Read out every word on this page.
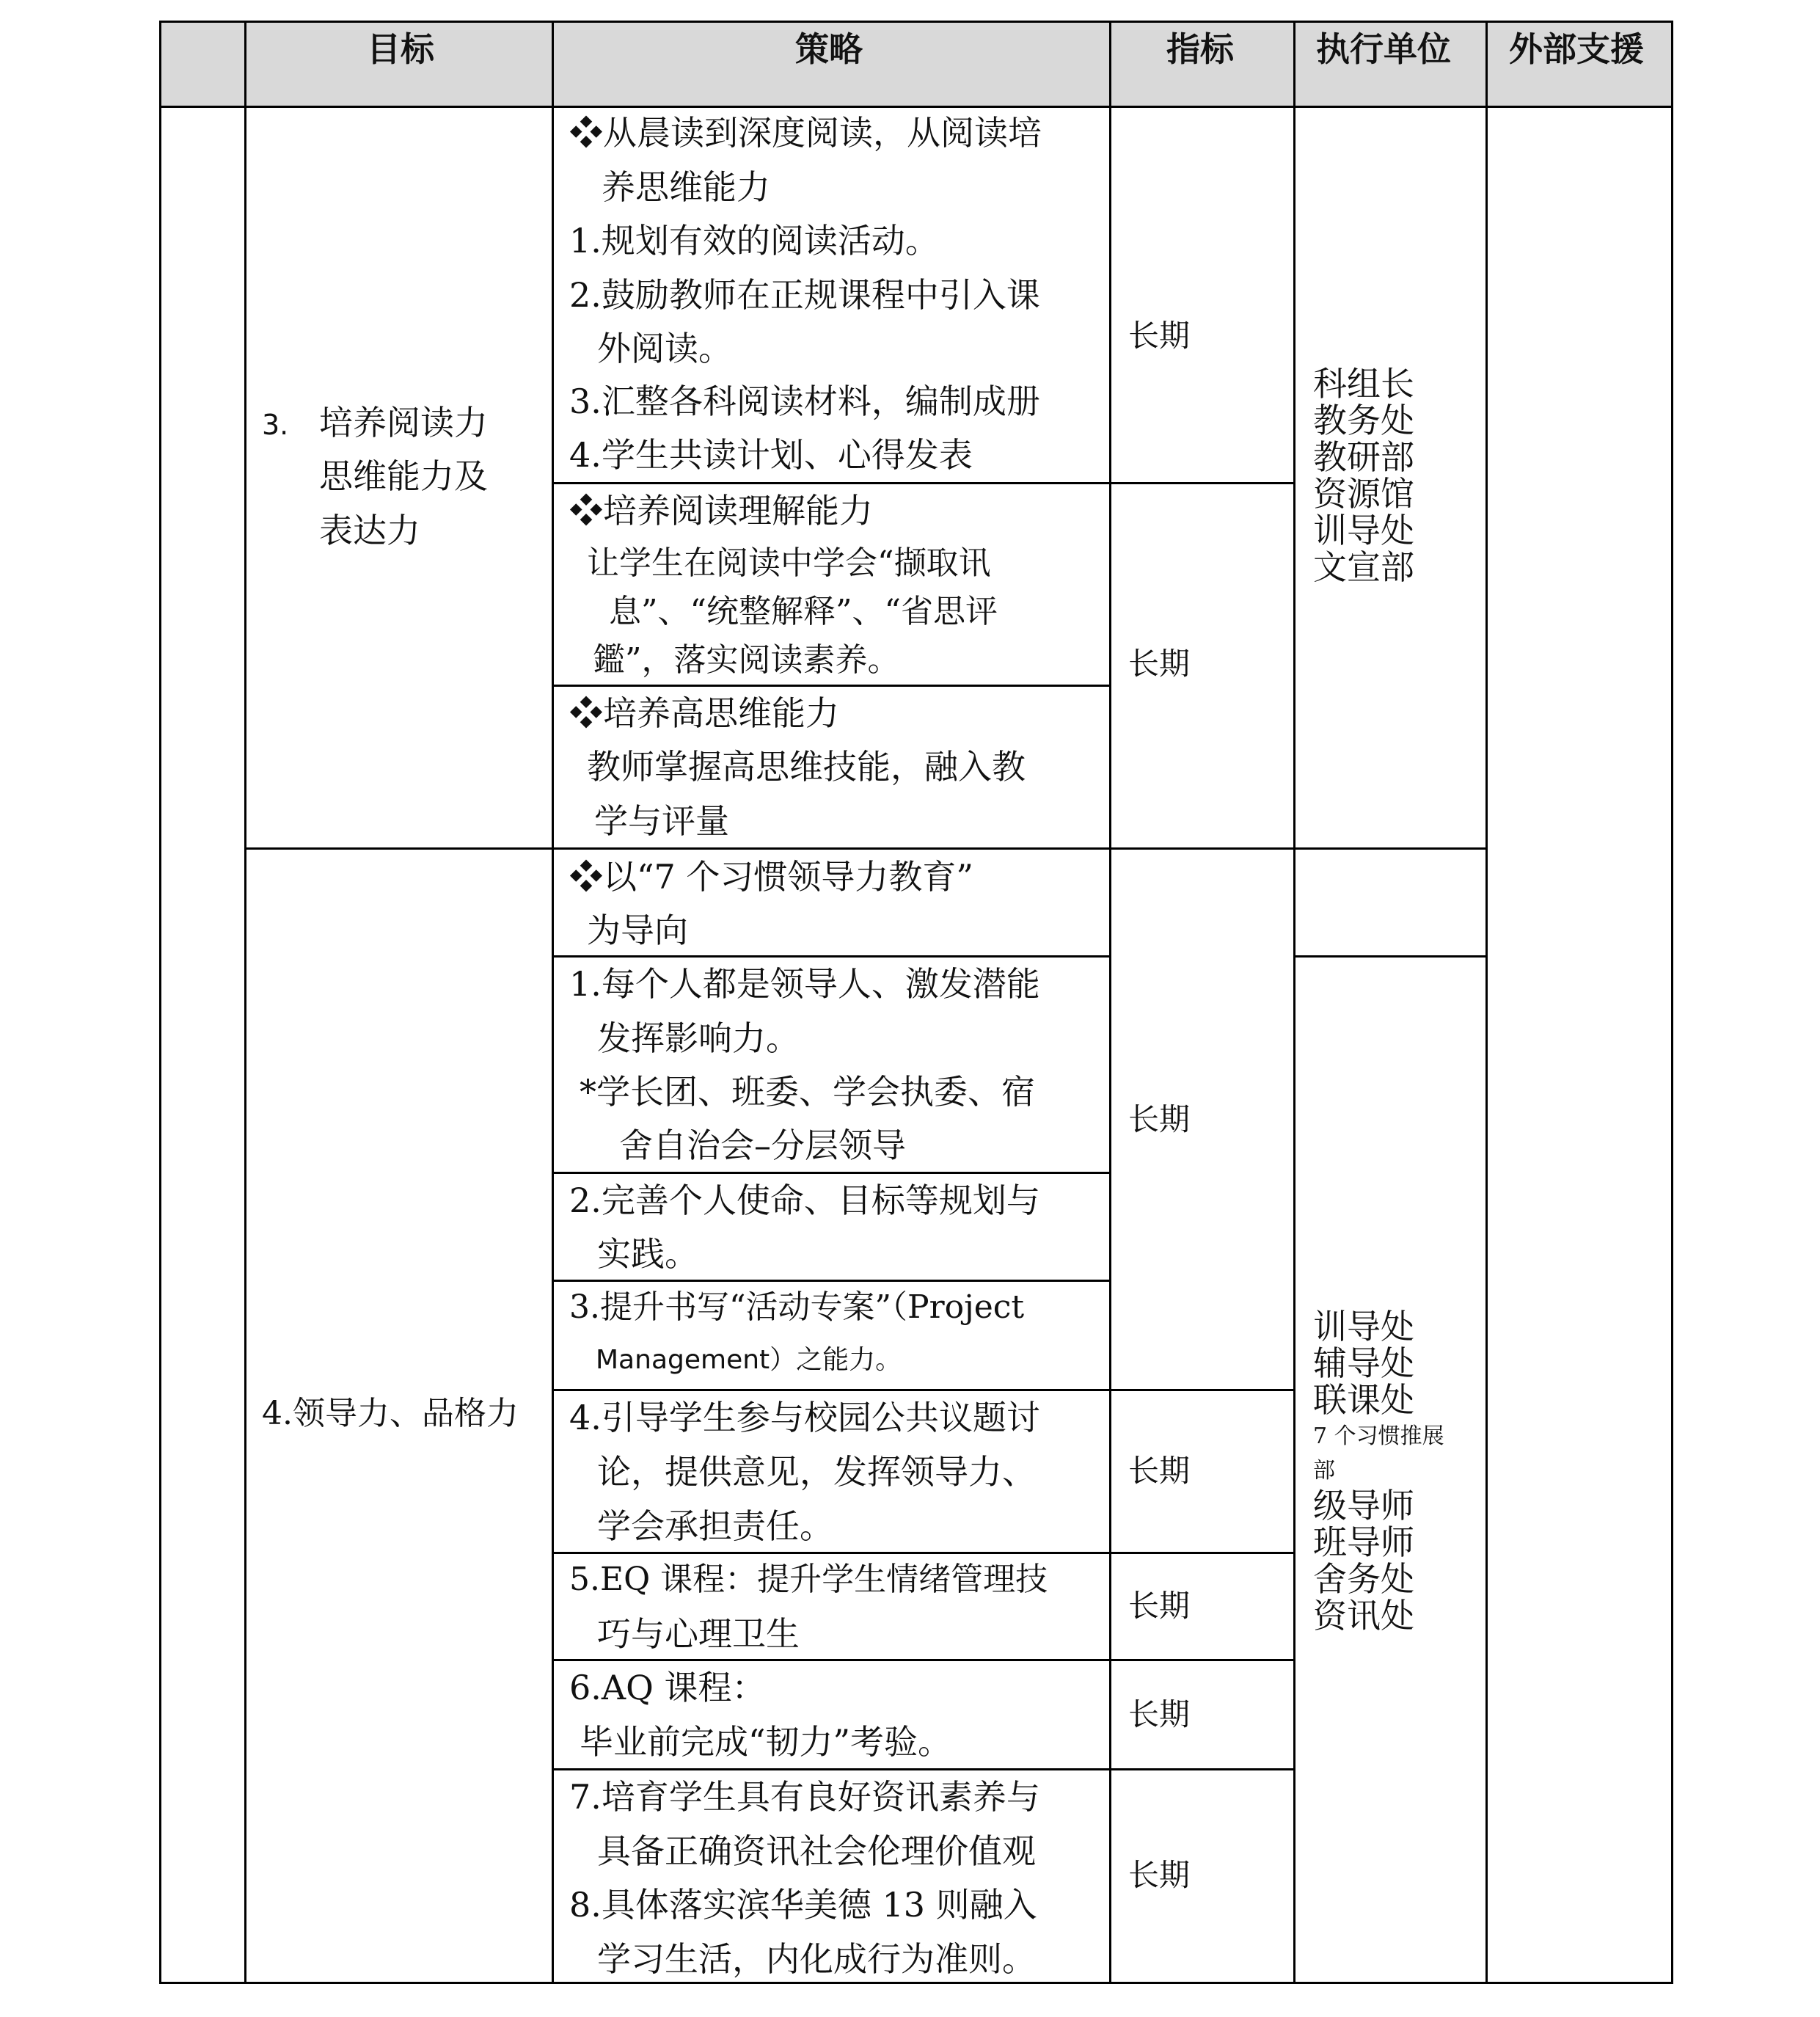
目标	策略	指标 执行单位 外部支援
3. 培养阅读力
思维能力及
表达力
4.领导力、品格力
❖从晨读到深度阅读，从阅读培
养思维能力
1.规划有效的阅读活动。
2.鼓励教师在正规课程中引入课
外阅读。
3.汇整各科阅读材料，编制成册
4.学生共读计划、心得发表
❖培养阅读理解能力
让学生在阅读中学会“撷取讯
息”、“统整解释”、“省思评
鑑”，落实阅读素养。
❖培养高思维能力
教师掌握高思维技能，融入教
学与评量
❖以“7 个习惯领导力教育”
为导向
1.每个人都是领导人、激发潜能
发挥影响力。
*学长团、班委、学会执委、宿
舍自治会–分层领导
2.完善个人使命、目标等规划与
实践。
3.提升书写“活动专案”（Project
Management）之能力。
4.引导学生参与校园公共议题讨
论，提供意见，发挥领导力、
学会承担责任。
5.EQ 课程：提升学生情绪管理技
巧与心理卫生
6.AQ 课程：
毕业前完成“韧力”考验。
7.培育学生具有良好资讯素养与
具备正确资讯社会伦理价值观
8.具体落实滨华美德 13 则融入
学习生活，内化成行为准则。
长期
长期
长期
长期
长期
长期
长期
科组长
教务处
教研部
资源馆
训导处
文宣部
训导处
辅导处
联课处
7 个习惯推展
部
级导师
班导师
舍务处
资讯处
